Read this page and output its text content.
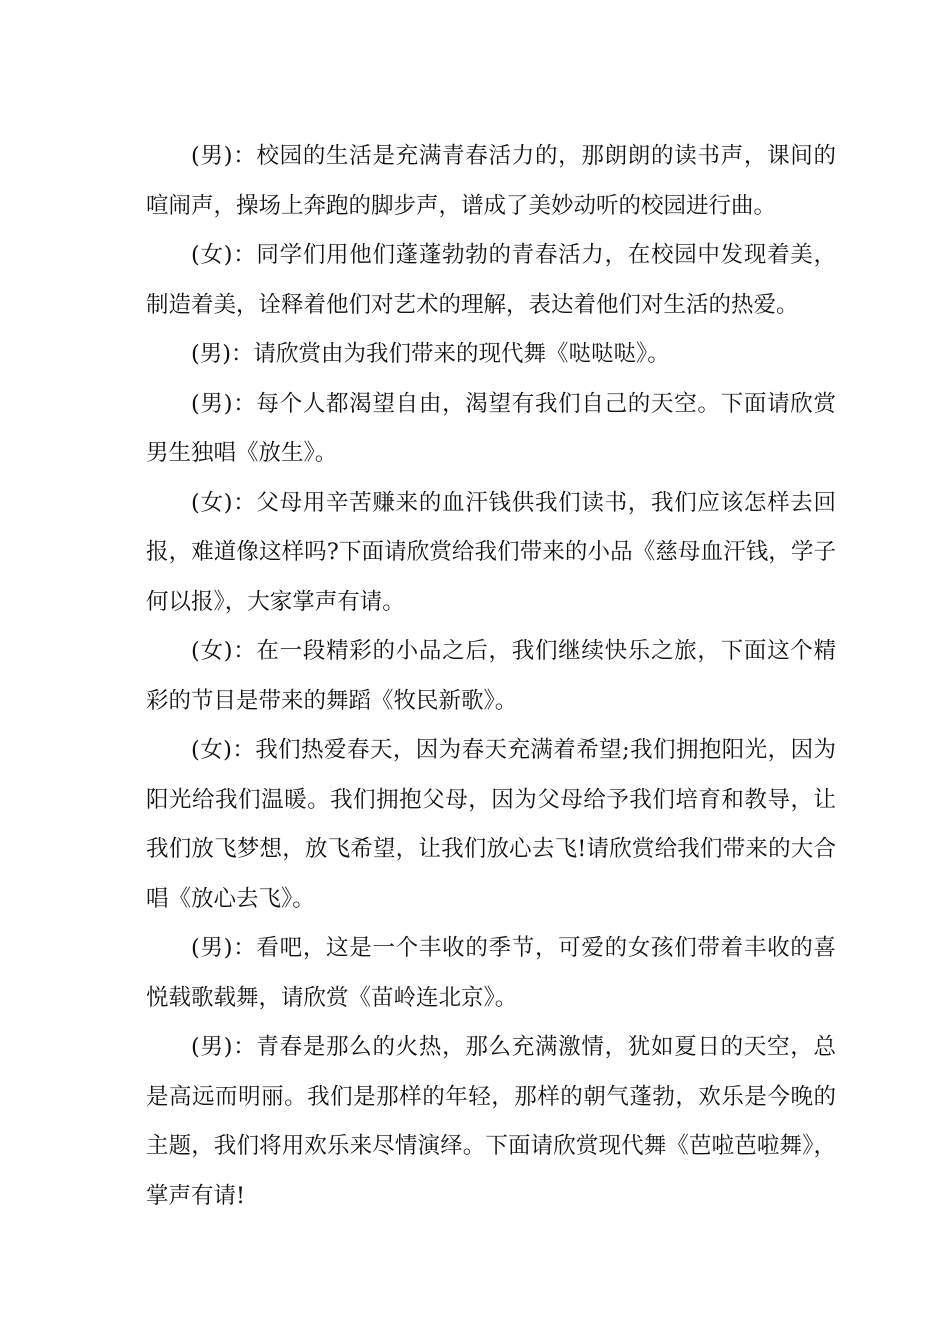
(男)：校园的生活是充满青春活力的，那朗朗的读书声，课间的喧闹声，操场上奔跑的脚步声，谱成了美妙动听的校园进行曲。

(女)：同学们用他们蓬蓬勃勃的青春活力，在校园中发现着美，制造着美，诠释着他们对艺术的理解，表达着他们对生活的热爱。

(男)：请欣赏由为我们带来的现代舞《哒哒哒》。

(男)：每个人都渴望自由，渴望有我们自己的天空。下面请欣赏男生独唱《放生》。

(女)：父母用辛苦赚来的血汗钱供我们读书，我们应该怎样去回报，难道像这样吗?下面请欣赏给我们带来的小品《慈母血汗钱，学子何以报》，大家掌声有请。

(女)：在一段精彩的小品之后，我们继续快乐之旅，下面这个精彩的节目是带来的舞蹈《牧民新歌》。

(女)：我们热爱春天，因为春天充满着希望;我们拥抱阳光，因为阳光给我们温暖。我们拥抱父母，因为父母给予我们培育和教导，让我们放飞梦想，放飞希望，让我们放心去飞!请欣赏给我们带来的大合唱《放心去飞》。

(男)：看吧，这是一个丰收的季节，可爱的女孩们带着丰收的喜悦载歌载舞，请欣赏《苗岭连北京》。

(男)：青春是那么的火热，那么充满激情，犹如夏日的天空，总是高远而明丽。我们是那样的年轻，那样的朝气蓬勃，欢乐是今晚的主题，我们将用欢乐来尽情演绎。下面请欣赏现代舞《芭啦芭啦舞》，掌声有请!
